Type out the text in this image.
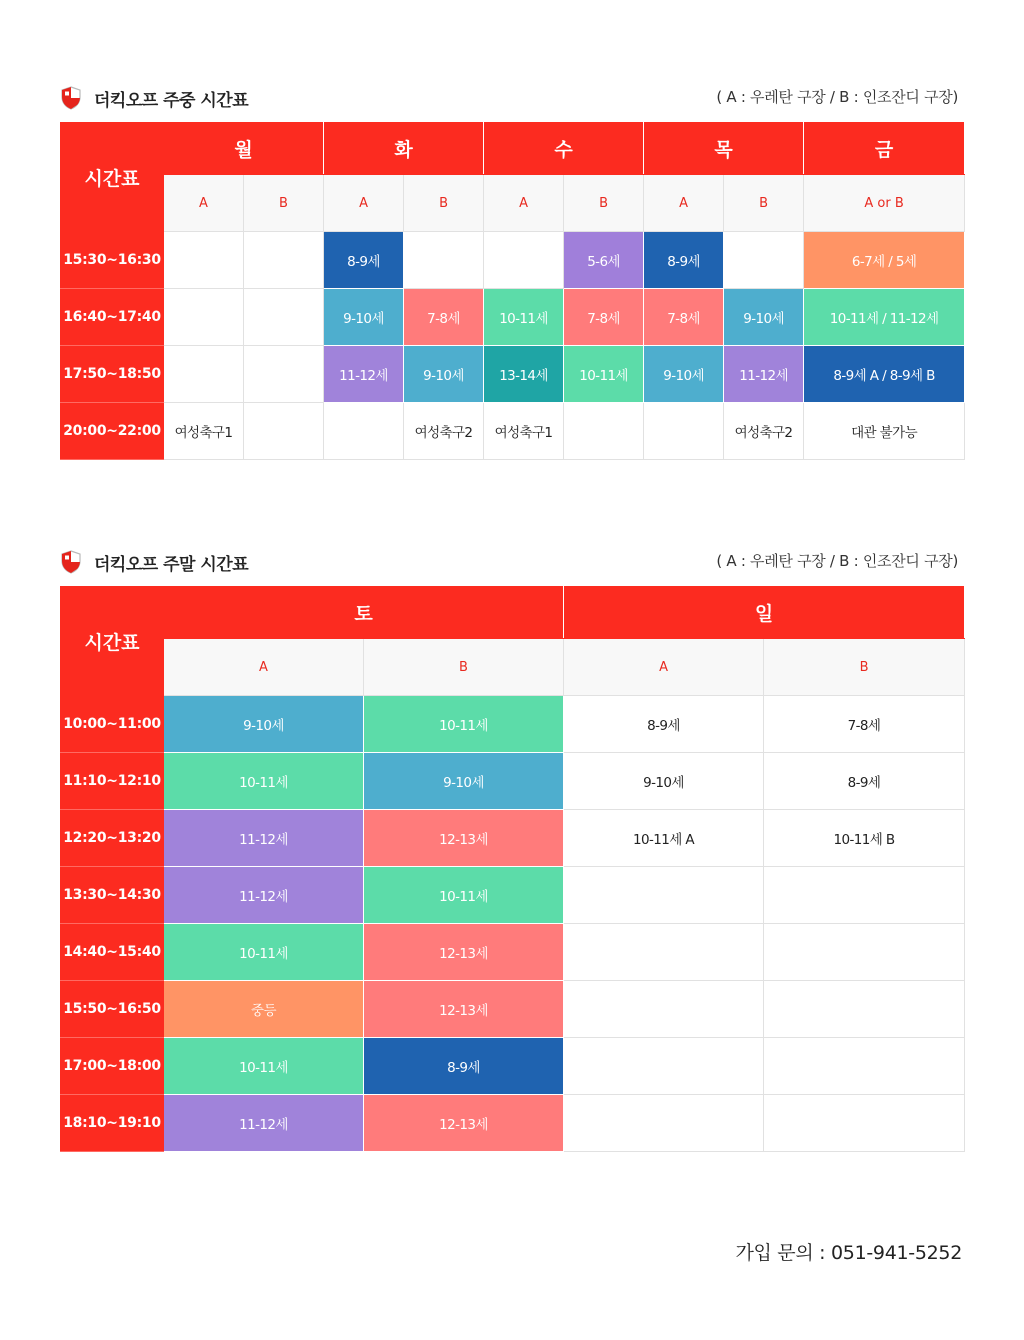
더킥오프 주중 시간표	( A : 우레탄 구장 / B : 인조잔디 구장)
시간표	월		화		수		목		금
	A	B	A	B	A	B	A	B	A or B
15:30~16:30			8-9세			5-6세	8-9세		6-7세 / 5세
16:40~17:40			9-10세	7-8세	10-11세	7-8세	7-8세	9-10세	10-11세 / 11-12세
17:50~18:50			11-12세	9-10세	13-14세	10-11세	9-10세	11-12세	8-9세 A / 8-9세 B
20:00~22:00	여성축구1			여성축구2	여성축구1			여성축구2	대관 불가능
더킥오프 주말 시간표	( A : 우레탄 구장 / B : 인조잔디 구장)
시간표	토		일	
	A	B	A	B
10:00~11:00	9-10세	10-11세	8-9세	7-8세
11:10~12:10	10-11세	9-10세	9-10세	8-9세
12:20~13:20	11-12세	12-13세	10-11세 A	10-11세 B
13:30~14:30	11-12세	10-11세		
14:40~15:40	10-11세	12-13세		
15:50~16:50	중등	12-13세		
17:00~18:00	10-11세	8-9세		
18:10~19:10	11-12세	12-13세		
가입 문의 : 051-941-5252
